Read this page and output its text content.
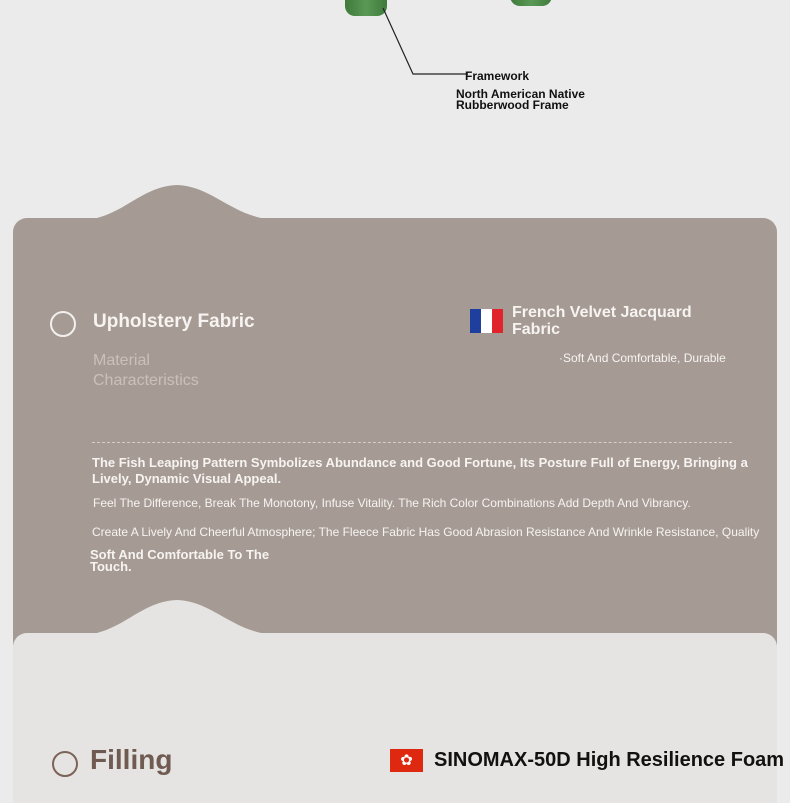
Framework
North American Native Rubberwood Frame
Upholstery Fabric
Material Characteristics
French Velvet Jacquard Fabric
·Soft And Comfortable, Durable
The Fish Leaping Pattern Symbolizes Abundance and Good Fortune, Its Posture Full of Energy, Bringing a Lively, Dynamic Visual Appeal.
Feel The Difference, Break The Monotony, Infuse Vitality. The Rich Color Combinations Add Depth And Vibrancy.
Create A Lively And Cheerful Atmosphere; The Fleece Fabric Has Good Abrasion Resistance And Wrinkle Resistance, Quality
Soft And Comfortable To The Touch.
Filling	✿	SINOMAX-50D High Resilience Foam
